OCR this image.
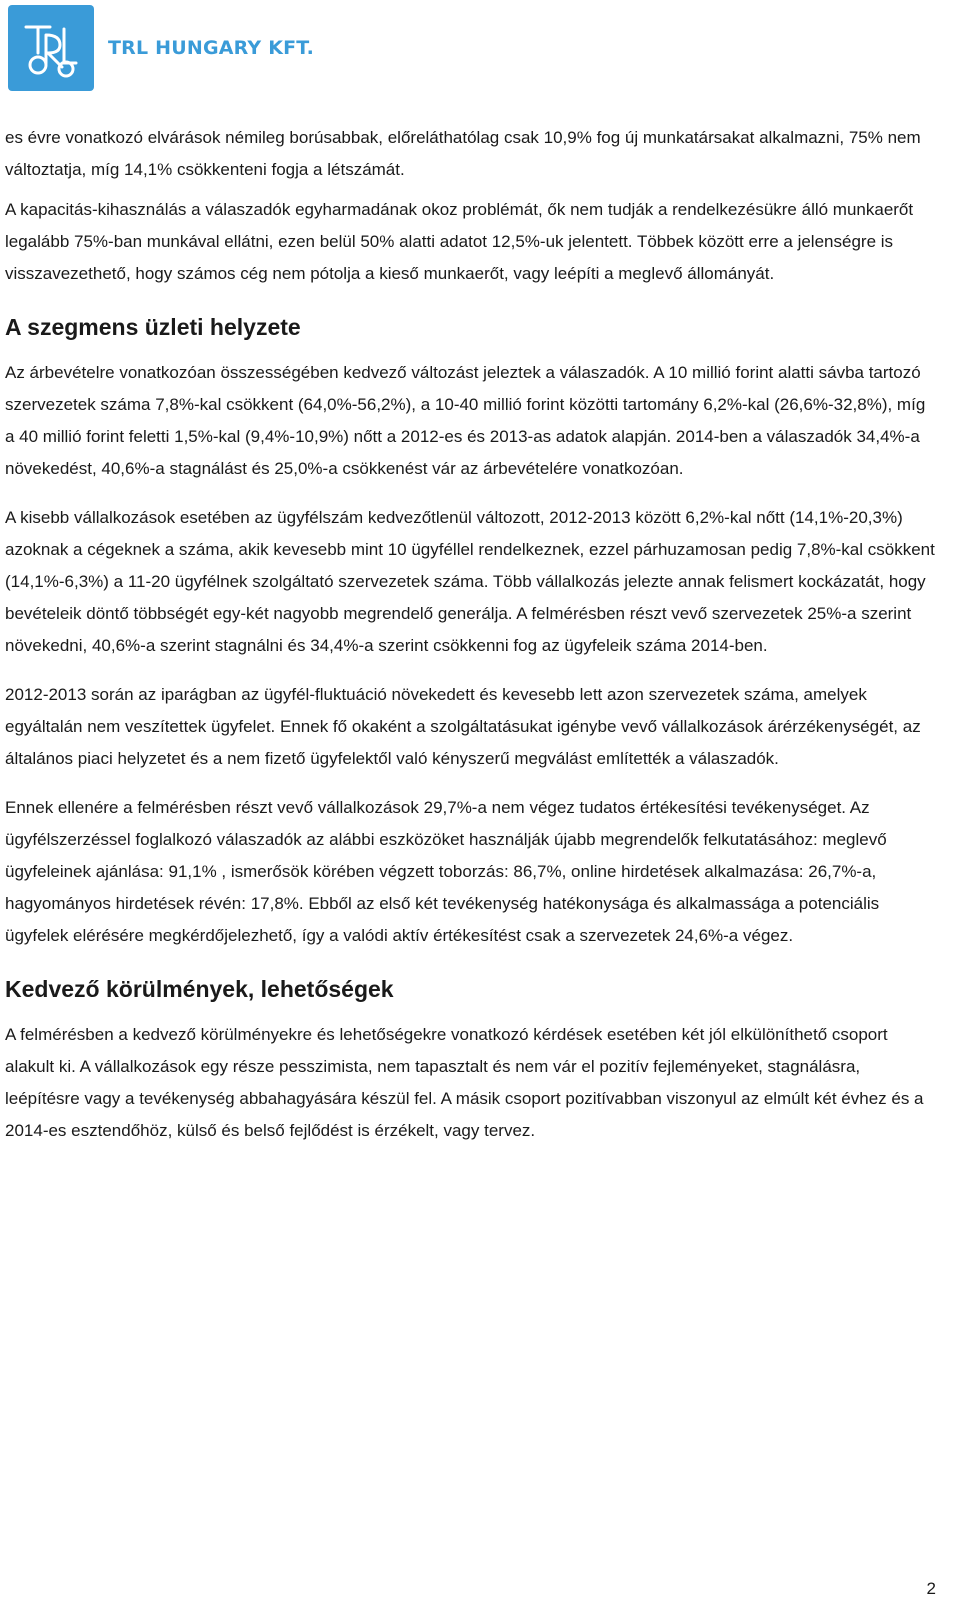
TRL HUNGARY KFT.

es évre vonatkozó elvárások némileg borúsabbak, előreláthatólag csak 10,9% fog új munkatársakat alkalmazni, 75% nem változtatja, míg 14,1% csökkenteni fogja a létszámát.

A kapacitás-kihasználás a válaszadók egyharmadának okoz problémát, ők nem tudják a rendelkezésükre álló munkaerőt legalább 75%-ban munkával ellátni, ezen belül 50% alatti adatot 12,5%-uk jelentett. Többek között erre a jelenségre is visszavezethető, hogy számos cég nem pótolja a kieső munkaerőt, vagy leépíti a meglevő állományát.

A szegmens üzleti helyzete

Az árbevételre vonatkozóan összességében kedvező változást jeleztek a válaszadók. A 10 millió forint alatti sávba tartozó szervezetek száma 7,8%-kal csökkent (64,0%-56,2%), a 10-40 millió forint közötti tartomány 6,2%-kal (26,6%-32,8%), míg a 40 millió forint feletti 1,5%-kal (9,4%-10,9%) nőtt a 2012-es és 2013-as adatok alapján. 2014-ben a válaszadók 34,4%-a növekedést, 40,6%-a stagnálást és 25,0%-a csökkenést vár az árbevételére vonatkozóan.

A kisebb vállalkozások esetében az ügyfélszám kedvezőtlenül változott, 2012-2013 között 6,2%-kal nőtt (14,1%-20,3%) azoknak a cégeknek a száma, akik kevesebb mint 10 ügyféllel rendelkeznek, ezzel párhuzamosan pedig 7,8%-kal csökkent (14,1%-6,3%) a 11-20 ügyfélnek szolgáltató szervezetek száma. Több vállalkozás jelezte annak felismert kockázatát, hogy bevételeik döntő többségét egy-két nagyobb megrendelő generálja. A felmérésben részt vevő szervezetek 25%-a szerint növekedni, 40,6%-a szerint stagnálni és 34,4%-a szerint csökkenni fog az ügyfeleik száma 2014-ben.

2012-2013 során az iparágban az ügyfél-fluktuáció növekedett és kevesebb lett azon szervezetek száma, amelyek egyáltalán nem veszítettek ügyfelet. Ennek fő okaként a szolgáltatásukat igénybe vevő vállalkozások árérzékenységét, az általános piaci helyzetet és a nem fizető ügyfelektől való kényszerű megválást említették a válaszadók.

Ennek ellenére a felmérésben részt vevő vállalkozások 29,7%-a nem végez tudatos értékesítési tevékenységet. Az ügyfélszerzéssel foglalkozó válaszadók az alábbi eszközöket használják újabb megrendelők felkutatásához: meglevő ügyfeleinek ajánlása: 91,1% , ismerősök körében végzett toborzás: 86,7%, online hirdetések alkalmazása: 26,7%-a, hagyományos hirdetések révén: 17,8%. Ebből az első két tevékenység hatékonysága és alkalmassága a potenciális ügyfelek elérésére megkérdőjelezhető, így a valódi aktív értékesítést csak a szervezetek 24,6%-a végez.

Kedvező körülmények, lehetőségek

A felmérésben a kedvező körülményekre és lehetőségekre vonatkozó kérdések esetében két jól elkülöníthető csoport alakult ki. A vállalkozások egy része pesszimista, nem tapasztalt és nem vár el pozitív fejleményeket, stagnálásra, leépítésre vagy a tevékenység abbahagyására készül fel. A másik csoport pozitívabban viszonyul az elmúlt két évhez és a 2014-es esztendőhöz, külső és belső fejlődést is érzékelt, vagy tervez.

2
